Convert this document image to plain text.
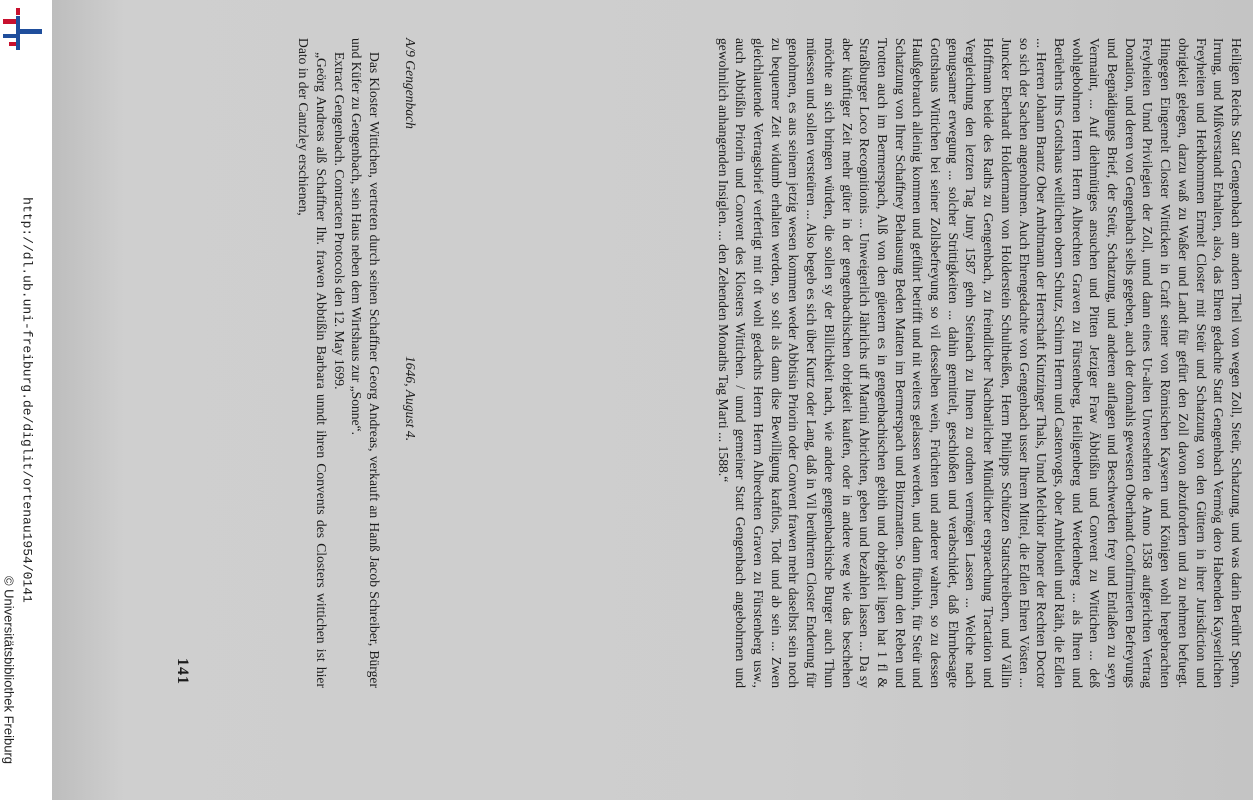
http://dl.ub.uni-freiburg.de/diglit/ortenau1954/0141
© Universitätsbibliothek Freiburg	Heiligen Reichs Statt Gengenbach am andern Theil von wegen Zoll, Steür, Schatzung, und was darin Berührt Spenn, Irrung, und Mißverstandt Erhalten, also, das Ehren gedachte Statt Gengenbach Vermög dero Habenden Kayserlichen Freyheiten und Herkhommen Ermelt Closter mit Steür und Schatzung von den Güttern in ihrer Jurisdiction und obrigkeit gelegen, darzu waß zu Waßer und Landt für gefürt den Zoll davon abzufordern und zu nehmen befuegt. Hingegen Eingemelt Closter Witticken in Craft seiner von Römischen Kaysern und Königen wohl hergebrachten Freyheiten Unnd Privilegien der Zoll, unnd dann eines Ur-alten Unversehrten de Anno 1358 aufgerichten Vertrag Donation, und deren von Gengenbach selbs gegeben, auch der domahls gewesten Oberhandt Confirmierten Befreyungs und Begnädigungs Brief, der Steür, Schatzung, und anderen auflagen und Beschwerden frey und Entlaßen zu seyn Vermaint, ... Auf diehmütiges ansuchen und Pitten Jetziger Fraw Äbbtißin und Convent zu Wittichen ... deß wohlgebohrnen Herrn Herrn Albrechten Graven zu Fürstenberg, Heiligenberg und Werdenberg ... als Ihren und Berüehrts Ihrs Gottshaus weltlichen obern Schutz, Schirm Herrn und Castenvogts, ober Ambtleuth und Räth, die Edlen ... Herren Johann Brantz Ober Ambtmann der Herrschaft Kintzinger Thals, Unnd Melchior Jhoner der Rechten Doctor so sich der Sachen angenohmen. Auch Ehrengedachte von Gengenbach usser Ihrem Mittel, die Edlen Ehren Vösten ... Juncker Eberhardt Holdermann von Holderstein Schultheißen, Herrn Philipps Schützen Stattschreibern, und Vällin Hoffmann beide des Raths zu Gengenbach, zu freindlicher Nachbarlicher Mündlicher erspraechung Tractation und Vergleichung den letzten Tag Juny 1587 gehn Steinach zu Ihnen zu ordnen vermögen Lassen ... Welche nach genugsamer erwegung ... solcher Strittigkeiten ... dahin gemittelt, geschloßen und verabschidet, daß Ehrnbesagte Gottshaus Wittichen bei seiner Zollsbefreyung so vil desselben wein, Früchten und anderer wahren, so zu dessen Haußgebrauch alleinig kommen und geführt betrifft und nit weiters gelassen werden, und dann fürohin, für Steür und Schatzung von Ihrer Schaffney Behausung Beden Matten im Bermerspach und Bintzmatten. So dann den Reben und Trotten auch im Bermerspach, Alß von den güetern es in gengenbachischen gebith und obrigkeit ligen hat 1 fl & Straßburger Loco Recognitionis ... Unweigerlich Jährlichs uff Martini Abrichten, geben und bezahlen lassen ... Da sy aber künftiger Zeit mehr güter in der gengenbachischen obrigkeit kaufen, oder in andere weg wie das beschehen möchte an sich bringen würden, die sollen sy der Billichkeit nach, wie andere gengenbachische Burger auch Thun müessen und sollen versteüren ... Also begeb es sich über Kurtz oder Lang, daß in Vil berührtem Closter Enderung für genohmen, es aus seinem jetzig wesen kommen weder Abbtisin Priorin oder Convent frawen mehr daselbst sein noch zu bequemer Zeit widumb erhalten werden, so solt als dann dise Bewilligung kraftlos, Todt und ab sein ... Zwen gleichlautende Vertragsbrief verfertigt mit oft wohl gedachts Herrn Herrn Albrechten Graven zu Fürstenberg usw., auch Abbtißin Priorin und Convent des Klosters Wittichen. / unnd gemeiner Statt Gengenbach angebohrnen und gewohnlich anhangenden Insiglen. ... den Zehenden Monaths Tag Marti ... 1588.“

A/9 Gengenbach
1646, August 4.

Das Kloster Wittichen, vertreten durch seinen Schaffner Georg Andreas, verkauft an Hanß Jacob Schreiber, Bürger und Küfer zu Gengenbach, sein Haus neben dem Wirtshaus zur „Sonne“.

Extract Gengenbach. Contracten Protocols den 12. May 1699.

„Geörg Andreas alß Schaffner Ihr. frawen Abbtißin Barbara unndt ihren Convents des Closters wittichen ist hier Dato in der Cantzley erschienen,

141
